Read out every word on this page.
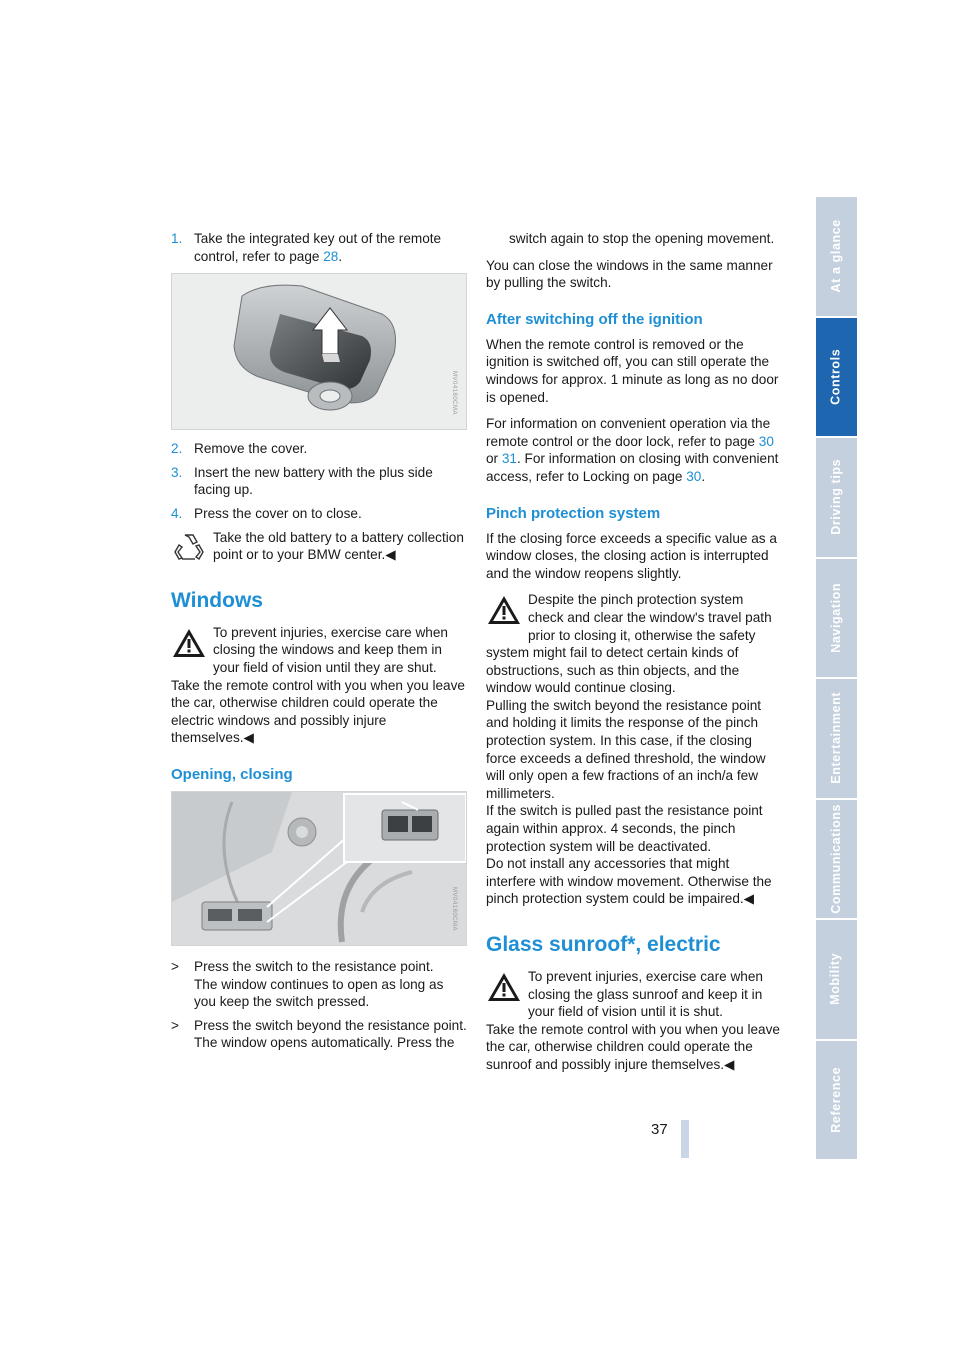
1. Take the integrated key out of the remote control, refer to page 28.
MV04180CMA
2. Remove the cover.
3. Insert the new battery with the plus side facing up.
4. Press the cover on to close.
Take the old battery to a battery collection point or to your BMW center.◀
Windows
To prevent injuries, exercise care when closing the windows and keep them in your field of vision until they are shut.
Take the remote control with you when you leave the car, otherwise children could operate the electric windows and possibly injure themselves.◀
Opening, closing
MV04180CMA
>	Press the switch to the resistance point.
The window continues to open as long as you keep the switch pressed.
>	Press the switch beyond the resistance point.
The window opens automatically. Press the

switch again to stop the opening movement.

You can close the windows in the same manner by pulling the switch.

After switching off the ignition

When the remote control is removed or the ignition is switched off, you can still operate the windows for approx. 1 minute as long as no door is opened.

For information on convenient operation via the remote control or the door lock, refer to page 30 or 31. For information on closing with convenient access, refer to Locking on page 30.

Pinch protection system

If the closing force exceeds a specific value as a window closes, the closing action is interrupted and the window reopens slightly.

Despite the pinch protection system check and clear the window's travel path prior to closing it, otherwise the safety system might fail to detect certain kinds of obstructions, such as thin objects, and the window would continue closing.
Pulling the switch beyond the resistance point and holding it limits the response of the pinch protection system. In this case, if the closing force exceeds a defined threshold, the window will only open a few fractions of an inch/a few millimeters.
If the switch is pulled past the resistance point again within approx. 4 seconds, the pinch protection system will be deactivated.
Do not install any accessories that might interfere with window movement. Otherwise the pinch protection system could be impaired.◀
Glass sunroof*, electric
To prevent injuries, exercise care when closing the glass sunroof and keep it in your field of vision until it is shut.
Take the remote control with you when you leave the car, otherwise children could operate the sunroof and possibly injure themselves.◀
37
At a glance
Controls
Driving tips
Navigation
Entertainment
Communications
Mobility
Reference
